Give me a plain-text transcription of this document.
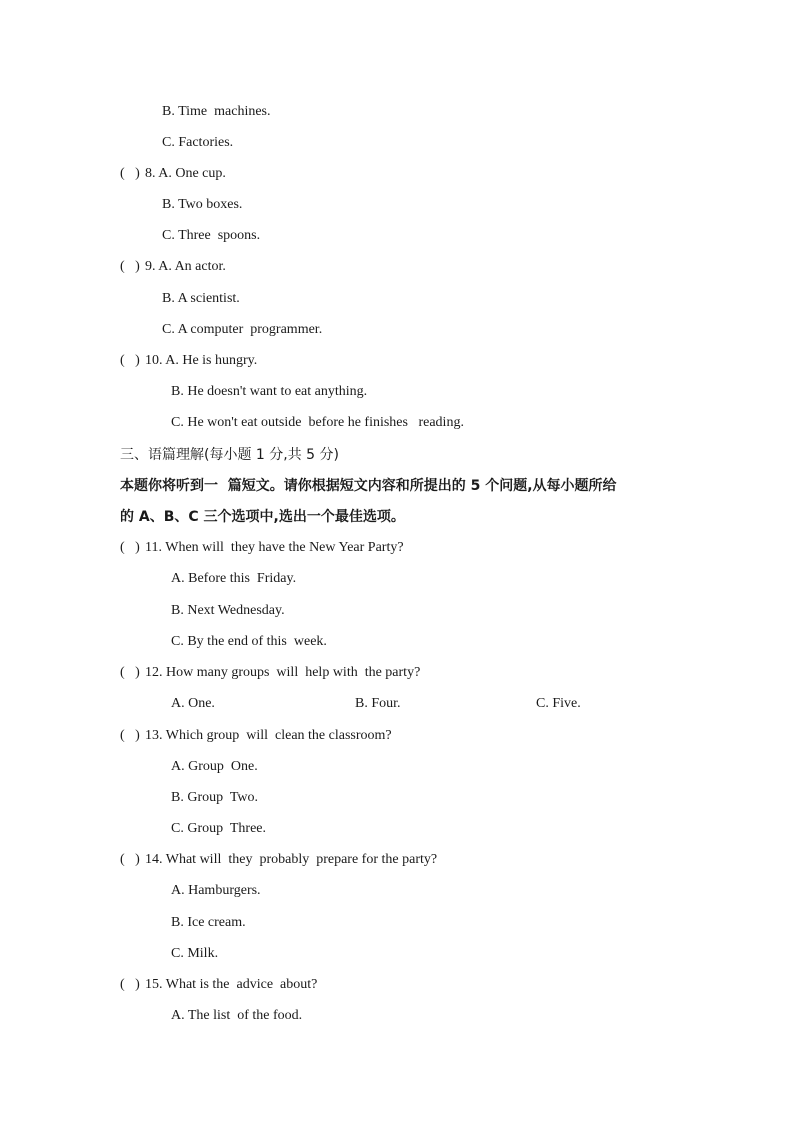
B. Time  machines.
C. Factories.
(   ) 8. A. One cup.
B. Two boxes.
C. Three  spoons.
(   ) 9. A. An actor.
B. A scientist.
C. A computer  programmer.
(   ) 10. A. He is hungry.
B. He doesn't want to eat anything.
C. He won't eat outside  before he finishes   reading.
三、语篇理解(每小题 1 分,共 5 分)
本题你将听到一  篇短文。请你根据短文内容和所提出的 5 个问题,从每小题所给
的 A、B、C 三个选项中,选出一个最佳选项。
(   ) 11. When will  they have the New Year Party?
A. Before this  Friday.
B. Next Wednesday.
C. By the end of this  week.
(   ) 12. How many groups  will  help with  the party?
A. One.	B. Four.	C. Five.
(   ) 13. Which group  will  clean the classroom?
A. Group  One.
B. Group  Two.
C. Group  Three.
(   ) 14. What will  they  probably  prepare for the party?
A. Hamburgers.
B. Ice cream.
C. Milk.
(   ) 15. What is the  advice  about?
A. The list  of the food.
